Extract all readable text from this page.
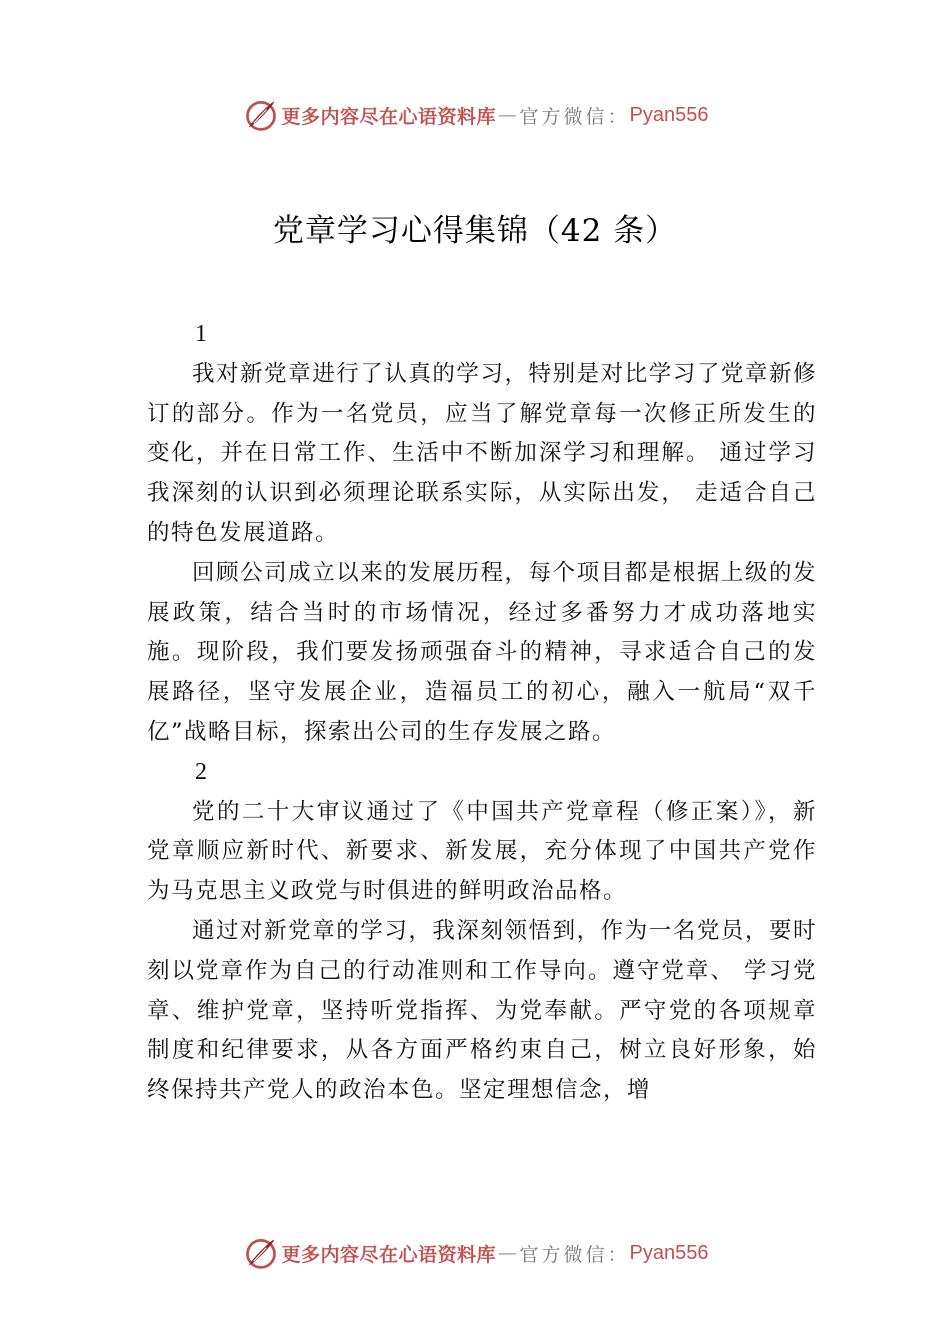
更多内容尽在心语资料库 — 官方微信： Pyan556
党章学习心得集锦（42 条）
1

我对新党章进行了认真的学习，特别是对比学习了党章新修订的部分。作为一名党员，应当了解党章每一次修正所发生的变化，并在日常工作、生活中不断加深学习和理解。 通过学习我深刻的认识到必须理论联系实际，从实际出发， 走适合自己的特色发展道路。

回顾公司成立以来的发展历程，每个项目都是根据上级的发展政策，结合当时的市场情况，经过多番努力才成功落地实施。现阶段，我们要发扬顽强奋斗的精神，寻求适合自己的发展路径，坚守发展企业，造福员工的初心，融入一航局“双千亿”战略目标，探索出公司的生存发展之路。

2

党的二十大审议通过了《中国共产党章程（修正案）》，新党章顺应新时代、新要求、新发展，充分体现了中国共产党作为马克思主义政党与时俱进的鲜明政治品格。

通过对新党章的学习，我深刻领悟到，作为一名党员，要时刻以党章作为自己的行动准则和工作导向。遵守党章、 学习党章、维护党章，坚持听党指挥、为党奉献。严守党的各项规章制度和纪律要求，从各方面严格约束自己，树立良好形象，始终保持共产党人的政治本色。坚定理想信念，增

更多内容尽在心语资料库 — 官方微信： Pyan556
